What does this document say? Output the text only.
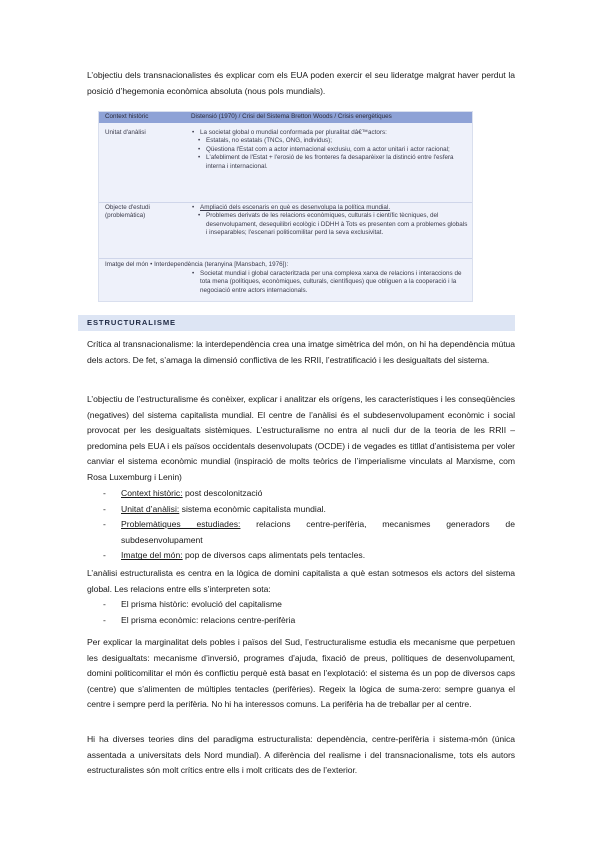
L’objectiu dels transnacionalistes és explicar com els EUA poden exercir el seu lideratge malgrat haver perdut la posició d’hegemonia econòmica absoluta (nous pols mundials).

Context històric	Distensió (1970) / Crisi del Sistema Bretton Woods / Crisis energètiques
Unitat d'anàlisi
•	La societat global o mundial conformada per pluralitat dâ€™actors:
• Estatals, no estatals (TNCs, ONG, individus);
• Qüestiona l'Estat com a actor internacional exclusiu, com a actor unitari i actor racional;
• L'afebliment de l'Estat + l'erosió de les fronteres fa desaparèixer la distinció entre l'esfera interna i internacional.
Objecte d'estudi (problemàtica)
• Ampliació dels escenaris en què es desenvolupa la política mundial.
• Problemes derivats de les relacions econòmiques, culturals i científic tècniques, del desenvolupament, desequilibri ecològic i DDHH à Tots es presenten com a problemes globals i inseparables; l'escenari politicomilitar perd la seva exclusivitat.
Imatge del món • Interdependència (teranyina [Mansbach, 1976]):
• Societat mundial i global caracteritzada per una complexa xarxa de relacions i interaccions de tota mena (polítiques, econòmiques, culturals, científiques) que obliguen a la cooperació i la negociació entre actors internacionals.
ESTRUCTURALISME

Crítica al transnacionalisme: la interdependència crea una imatge simètrica del món, on hi ha dependència mútua dels actors. De fet, s’amaga la dimensió conflictiva de les RRII, l’estratificació i les desigualtats del sistema.

L’objectiu de l’estructuralisme és conèixer, explicar i analitzar els orígens, les característiques i les conseqüències (negatives) del sistema capitalista mundial. El centre de l’anàlisi és el subdesenvolupament econòmic i social provocat per les desigualtats sistèmiques. L’estructuralisme no entra al nucli dur de la teoria de les RRII – predomina pels EUA i els països occidentals desenvolupats (OCDE) i de vegades es titllat d’antisistema per voler canviar el sistema econòmic mundial (inspiració de molts teòrics de l’imperialisme vinculats al Marxisme, com Rosa Luxemburg i Lenin)

- Context històric: post descolonització
- Unitat d’anàlisi: sistema econòmic capitalista mundial.
- Problemàtiques estudiades: relacions centre-perifèria, mecanismes generadors de subdesenvolupament
- Imatge del món: pop de diversos caps alimentats pels tentacles.

L’anàlisi estructuralista es centra en la lògica de domini capitalista a què estan sotmesos els actors del sistema global. Les relacions entre ells s’interpreten sota:

- El prisma històric: evolució del capitalisme
- El prisma econòmic: relacions centre-perifèria

Per explicar la marginalitat dels pobles i països del Sud, l’estructuralisme estudia els mecanisme que perpetuen les desigualtats: mecanisme d’inversió, programes d’ajuda, fixació de preus, polítiques de desenvolupament, domini politicomilitar el món és conflictiu perquè està basat en l’explotació: el sistema és un pop de diversos caps (centre) que s’alimenten de múltiples tentacles (perifèries). Regeix la lògica de suma-zero: sempre guanya el centre i sempre perd la perifèria. No hi ha interessos comuns. La perifèria ha de treballar per al centre.

Hi ha diverses teories dins del paradigma estructuralista: dependència, centre-perifèria i sistema-món (única assentada a universitats dels Nord mundial). A diferència del realisme i del transnacionalisme, tots els autors estructuralistes són molt crítics entre ells i molt criticats des de l’exterior.
